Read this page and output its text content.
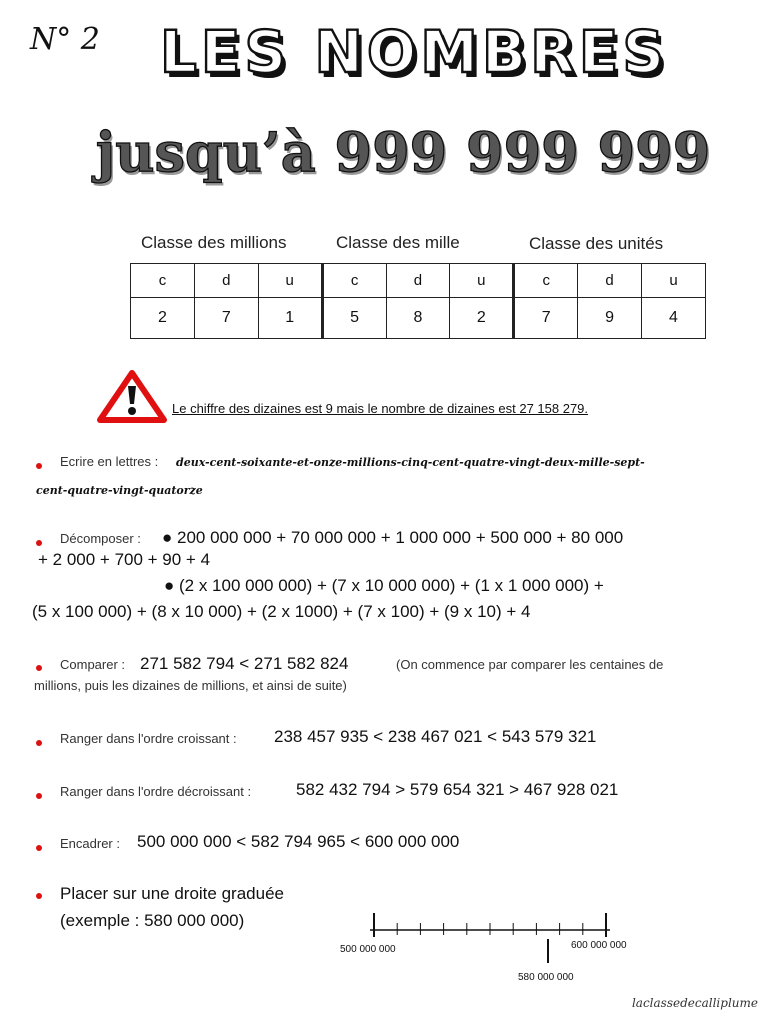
N° 2	LES NOMBRES
jusqu’à 999 999 999
Classe des millions	Classe des mille	Classe des unités
c	d	u	c	d	u	c	d	u
2	7	1	5	8	2	7	9	4
Le chiffre des dizaines est 9 mais le nombre de dizaines est 27 158 279.
Ecrire en lettres : deux-cent-soixante-et-onze-millions-cinq-cent-quatre-vingt-deux-mille-sept-
cent-quatre-vingt-quatorze
Décomposer : ● 200 000 000 + 70 000 000 + 1 000 000 + 500 000 + 80 000
+ 2 000 + 700 + 90 + 4
● (2 x 100 000 000) + (7 x 10 000 000) + (1 x 1 000 000) +
(5 x 100 000) + (8 x 10 000) + (2 x 1000) + (7 x 100) + (9 x 10) + 4
Comparer : 271 582 794 < 271 582 824	(On commence par comparer les centaines de
millions, puis les dizaines de millions, et ainsi de suite)
Ranger dans l'ordre croissant : 238 457 935 < 238 467 021 < 543 579 321
Ranger dans l'ordre décroissant :	582 432 794 > 579 654 321 > 467 928 021
Encadrer : 500 000 000 < 582 794 965 < 600 000 000
Placer sur une droite graduée
(exemple : 580 000 000)
500 000 000	600 000 000
580 000 000
laclassedecalliplume
